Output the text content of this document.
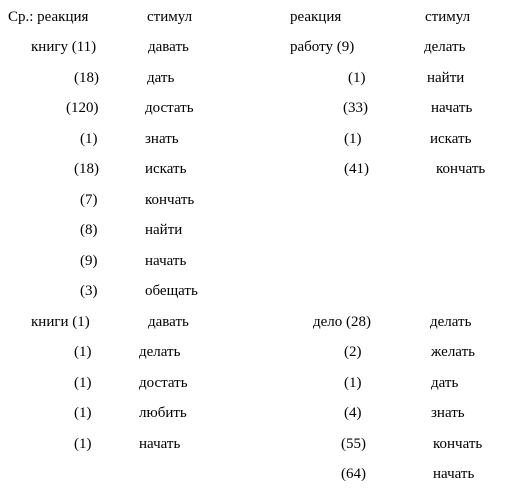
Ср.: реакция	стимул
книгу (11)	давать
(18)	дать
(120)	достать
(1)	знать
(18)	искать
(7)	кончать
(8)	найти
(9)	начать
(3)	обещать
книги (1)	давать
(1)	делать
(1)	достать
(1)	любить
(1)	начать
реакция	стимул
работу (9)	делать
(1)	найти
(33)	начать
(1)	искать
(41)	кончать
дело (28)	делать
(2)	желать
(1)	дать
(4)	знать
(55)	кончать
(64)	начать
